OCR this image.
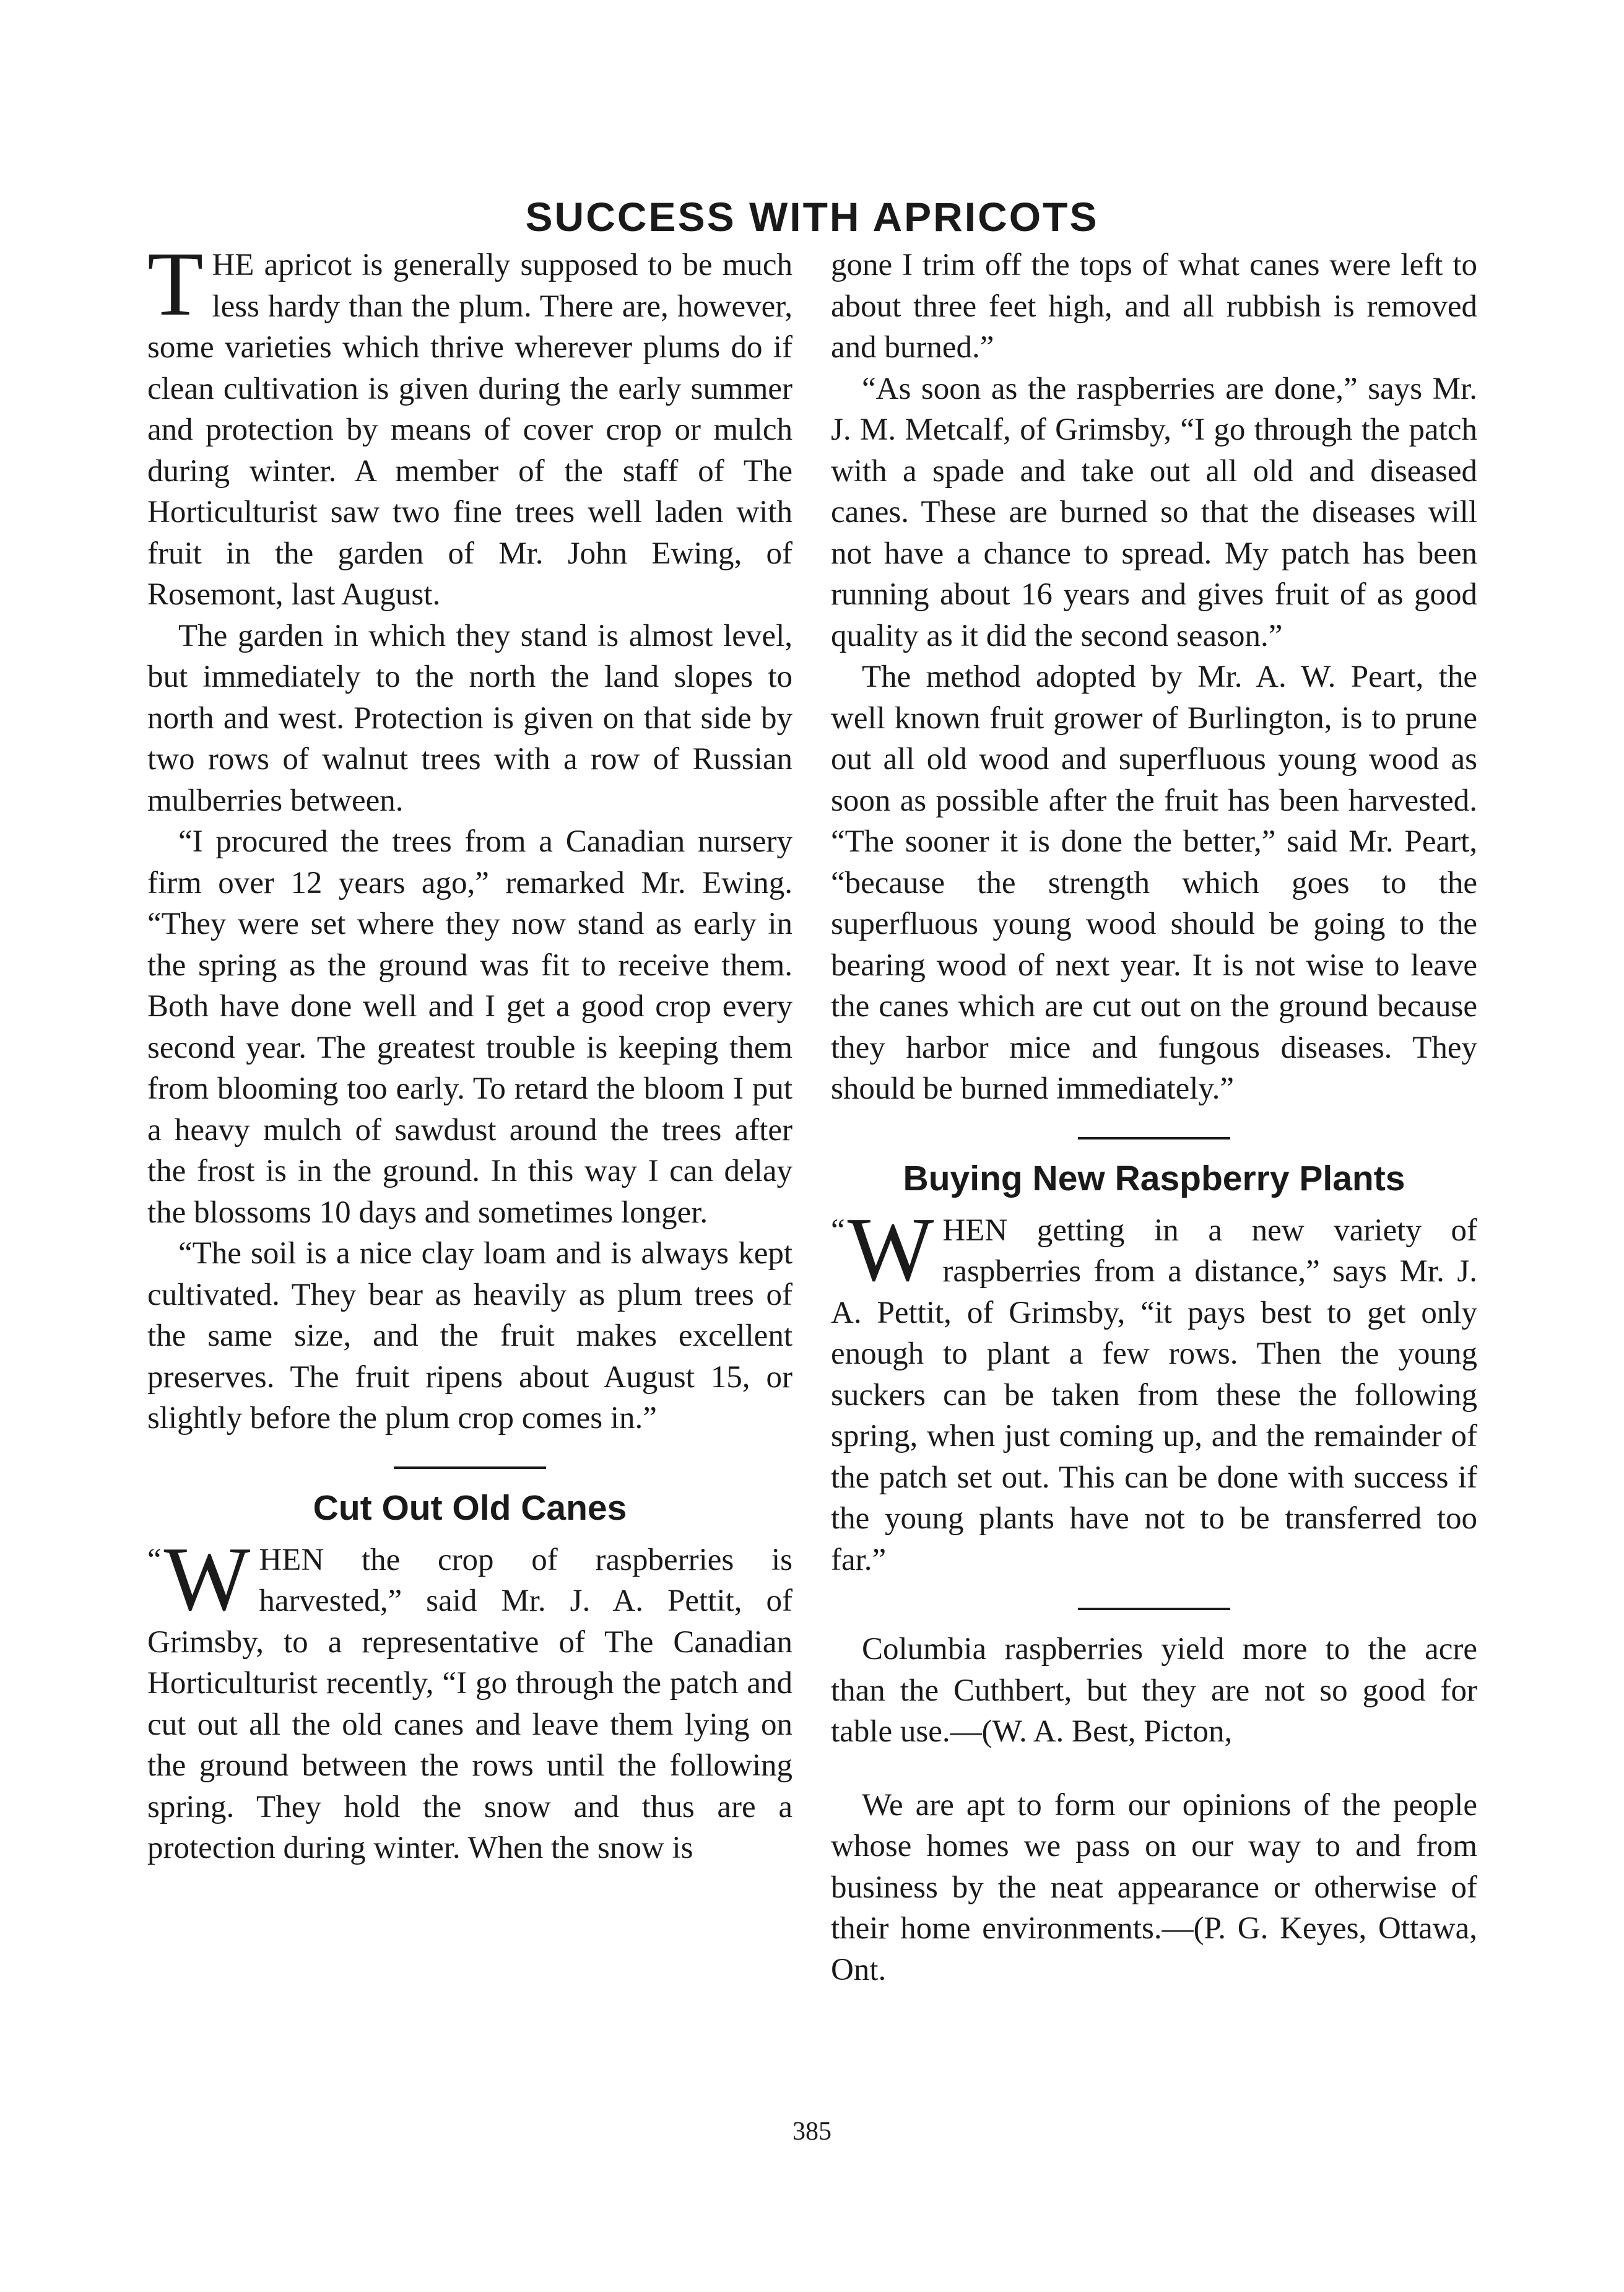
SUCCESS WITH APRICOTS

THE apricot is generally supposed to be much less hardy than the plum. There are, however, some varieties which thrive wherever plums do if clean cultivation is given during the early summer and protection by means of cover crop or mulch during winter. A member of the staff of The Horticulturist saw two fine trees well laden with fruit in the garden of Mr. John Ewing, of Rosemont, last August.

The garden in which they stand is almost level, but immediately to the north the land slopes to north and west. Protection is given on that side by two rows of walnut trees with a row of Russian mulberries between.

“I procured the trees from a Canadian nursery firm over 12 years ago,” remarked Mr. Ewing. “They were set where they now stand as early in the spring as the ground was fit to receive them. Both have done well and I get a good crop every second year. The greatest trouble is keeping them from blooming too early. To retard the bloom I put a heavy mulch of sawdust around the trees after the frost is in the ground. In this way I can delay the blossoms 10 days and sometimes longer.

“The soil is a nice clay loam and is always kept cultivated. They bear as heavily as plum trees of the same size, and the fruit makes excellent preserves. The fruit ripens about August 15, or slightly before the plum crop comes in.”

Cut Out Old Canes

“ W HEN the crop of raspberries is harvested,” said Mr. J. A. Pettit, of Grimsby, to a representative of The Canadian Horticulturist recently, “I go through the patch and cut out all the old canes and leave them lying on the ground between the rows until the following spring. They hold the snow and thus are a protection during winter. When the snow is

gone I trim off the tops of what canes were left to about three feet high, and all rubbish is removed and burned.”

“As soon as the raspberries are done,” says Mr. J. M. Metcalf, of Grimsby, “I go through the patch with a spade and take out all old and diseased canes. These are burned so that the diseases will not have a chance to spread. My patch has been running about 16 years and gives fruit of as good quality as it did the second season.”

The method adopted by Mr. A. W. Peart, the well known fruit grower of Burlington, is to prune out all old wood and superfluous young wood as soon as possible after the fruit has been harvested. “The sooner it is done the better,” said Mr. Peart, “because the strength which goes to the superfluous young wood should be going to the bearing wood of next year. It is not wise to leave the canes which are cut out on the ground because they harbor mice and fungous diseases. They should be burned immediately.”

Buying New Raspberry Plants

“ W HEN getting in a new variety of raspberries from a distance,” says Mr. J. A. Pettit, of Grimsby, “it pays best to get only enough to plant a few rows. Then the young suckers can be taken from these the following spring, when just coming up, and the remainder of the patch set out. This can be done with success if the young plants have not to be transferred too far.”

Columbia raspberries yield more to the acre than the Cuthbert, but they are not so good for table use.—(W. A. Best, Picton,

We are apt to form our opinions of the people whose homes we pass on our way to and from business by the neat appearance or otherwise of their home environments.—(P. G. Keyes, Ottawa, Ont.

385
